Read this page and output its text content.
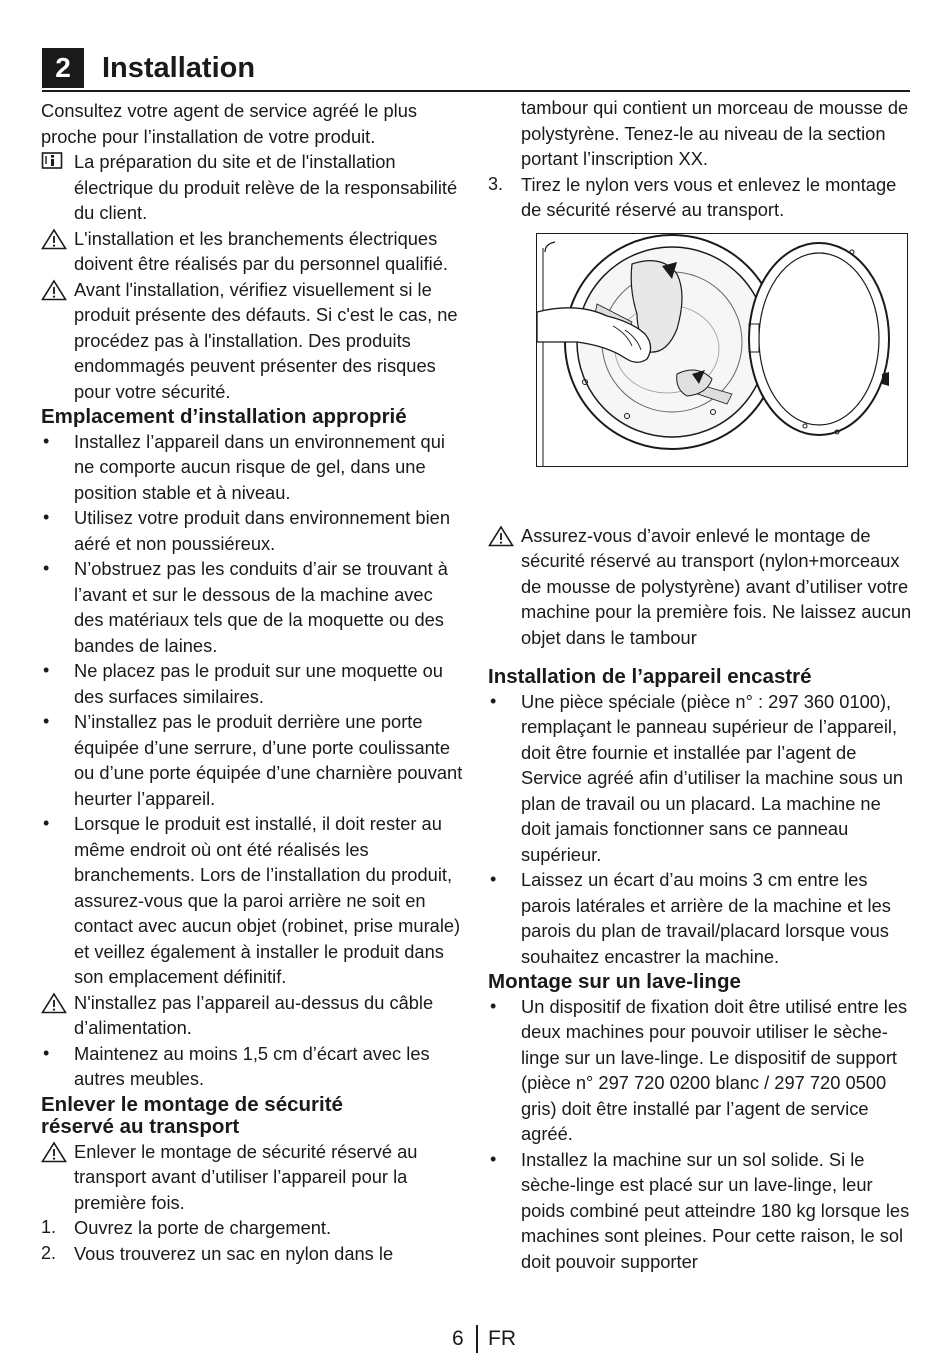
2	Installation

Consultez votre agent de service agréé le plus proche pour l’installation de votre produit.

La préparation du site et de l'installation électrique du produit relève de la responsabilité du client.
L'installation et les branchements électriques doivent être réalisés par du personnel qualifié.
Avant l'installation, vérifiez visuellement si le produit présente des défauts. Si c'est le cas, ne procédez pas à l'installation. Des produits endommagés peuvent présenter des risques pour votre sécurité.

Emplacement d’installation approprié

Installez l’appareil dans un environnement qui ne comporte aucun risque de gel, dans une position stable et à niveau.
Utilisez votre produit dans environnement bien aéré et non poussiéreux.
N’obstruez pas les conduits d’air se trouvant à l’avant et sur le dessous de la machine avec des matériaux tels que de la moquette ou des bandes de laines.
Ne placez pas le produit sur une moquette ou des surfaces similaires.
N’installez pas le produit derrière une porte équipée d’une serrure, d’une porte coulissante ou d’une porte équipée d’une charnière pouvant heurter l’appareil.
Lorsque le produit est installé, il doit rester au même endroit où ont été réalisés les branchements. Lors de l’installation du produit, assurez-vous que la paroi arrière ne soit en contact avec aucun objet (robinet, prise murale) et veillez également à installer le produit dans son emplacement définitif.
N'installez pas l’appareil au-dessus du câble d’alimentation.
Maintenez au moins 1,5 cm d’écart avec les autres meubles.

Enlever le montage de sécurité
réservé au transport

Enlever le montage de sécurité réservé au transport avant d’utiliser l’appareil pour la première fois.
1. Ouvrez la porte de chargement.
2. Vous trouverez un sac en nylon dans le

tambour qui contient un morceau de mousse de polystyrène. Tenez-le au niveau de la section portant l’inscription XX.

3. Tirez le nylon vers vous et enlevez le montage de sécurité réservé au transport.
Assurez-vous d’avoir enlevé le montage de sécurité réservé au transport (nylon+morceaux de mousse de polystyrène) avant d’utiliser votre machine pour la première fois. Ne laissez aucun objet dans le tambour

Installation de l’appareil encastré

Une pièce spéciale (pièce n° : 297 360 0100), remplaçant le panneau supérieur de l’appareil, doit être fournie et installée par l’agent de Service agréé afin d’utiliser la machine sous un plan de travail ou un placard. La machine ne doit jamais fonctionner sans ce panneau supérieur.
Laissez un écart d’au moins 3 cm entre les parois latérales et arrière de la machine et les parois du plan de travail/placard lorsque vous souhaitez encastrer la machine.

Montage sur un lave-linge

Un dispositif de fixation doit être utilisé entre les deux machines pour pouvoir utiliser le sèche-linge sur un lave-linge. Le dispositif de support (pièce n° 297 720 0200 blanc / 297 720 0500 gris) doit être installé par l’agent de service agréé.
Installez la machine sur un sol solide. Si le sèche-linge est placé sur un lave-linge, leur poids combiné peut atteindre 180 kg lorsque les machines sont pleines. Pour cette raison, le sol doit pouvoir supporter
6 FR
